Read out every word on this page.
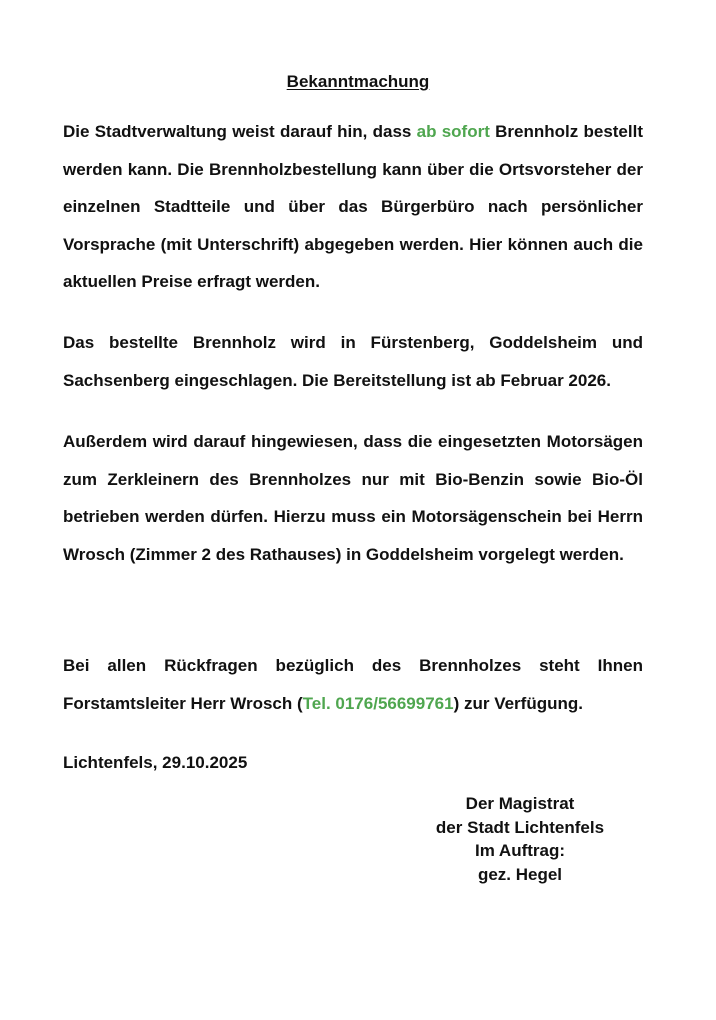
Bekanntmachung

Die Stadtverwaltung weist darauf hin, dass ab sofort Brennholz bestellt werden kann. Die Brennholzbestellung kann über die Ortsvorsteher der einzelnen Stadtteile und über das Bürgerbüro nach persönlicher Vorsprache (mit Unterschrift) abgegeben werden. Hier können auch die aktuellen Preise erfragt werden.

Das bestellte Brennholz wird in Fürstenberg, Goddelsheim und Sachsenberg eingeschlagen. Die Bereitstellung ist ab Februar 2026.

Außerdem wird darauf hingewiesen, dass die eingesetzten Motorsägen zum Zerkleinern des Brennholzes nur mit Bio-Benzin sowie Bio-Öl betrieben werden dürfen. Hierzu muss ein Motorsägenschein bei Herrn Wrosch (Zimmer 2 des Rathauses) in Goddelsheim vorgelegt werden.

Bei allen Rückfragen bezüglich des Brennholzes steht Ihnen Forstamtsleiter Herr Wrosch (Tel. 0176/56699761) zur Verfügung.

Lichtenfels, 29.10.2025
Der Magistrat
der Stadt Lichtenfels
Im Auftrag:
gez. Hegel
